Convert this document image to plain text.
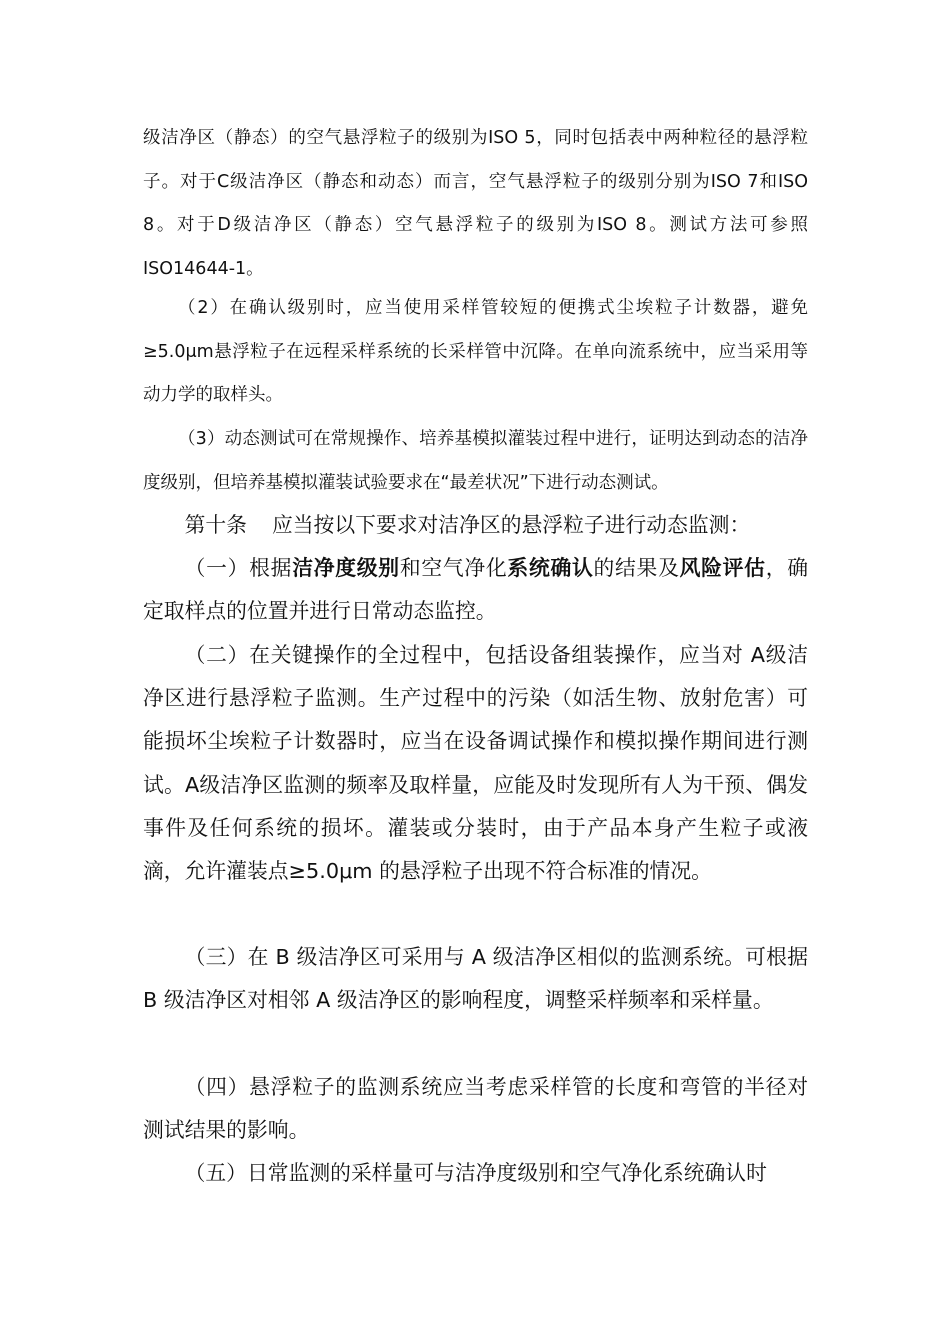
级洁净区（静态）的空气悬浮粒子的级别为ISO 5，同时包括表中两种粒径的悬浮粒子。对于C级洁净区（静态和动态）而言，空气悬浮粒子的级别分别为ISO 7和ISO 8。对于D级洁净区（静态）空气悬浮粒子的级别为ISO 8。测试方法可参照ISO14644-1。

（2）在确认级别时，应当使用采样管较短的便携式尘埃粒子计数器，避免≥5.0μm悬浮粒子在远程采样系统的长采样管中沉降。在单向流系统中，应当采用等动力学的取样头。

（3）动态测试可在常规操作、培养基模拟灌装过程中进行，证明达到动态的洁净度级别，但培养基模拟灌装试验要求在“最差状况”下进行动态测试。

第十条 应当按以下要求对洁净区的悬浮粒子进行动态监测：

（一）根据洁净度级别和空气净化系统确认的结果及风险评估，确定取样点的位置并进行日常动态监控。

（二）在关键操作的全过程中，包括设备组装操作，应当对 A级洁净区进行悬浮粒子监测。生产过程中的污染（如活生物、放射危害）可能损坏尘埃粒子计数器时，应当在设备调试操作和模拟操作期间进行测试。A级洁净区监测的频率及取样量，应能及时发现所有人为干预、偶发事件及任何系统的损坏。灌装或分装时，由于产品本身产生粒子或液滴，允许灌装点≥5.0μm 的悬浮粒子出现不符合标准的情况。

（三）在 B 级洁净区可采用与 A 级洁净区相似的监测系统。可根据 B 级洁净区对相邻 A 级洁净区的影响程度，调整采样频率和采样量。

（四）悬浮粒子的监测系统应当考虑采样管的长度和弯管的半径对测试结果的影响。

（五）日常监测的采样量可与洁净度级别和空气净化系统确认时
